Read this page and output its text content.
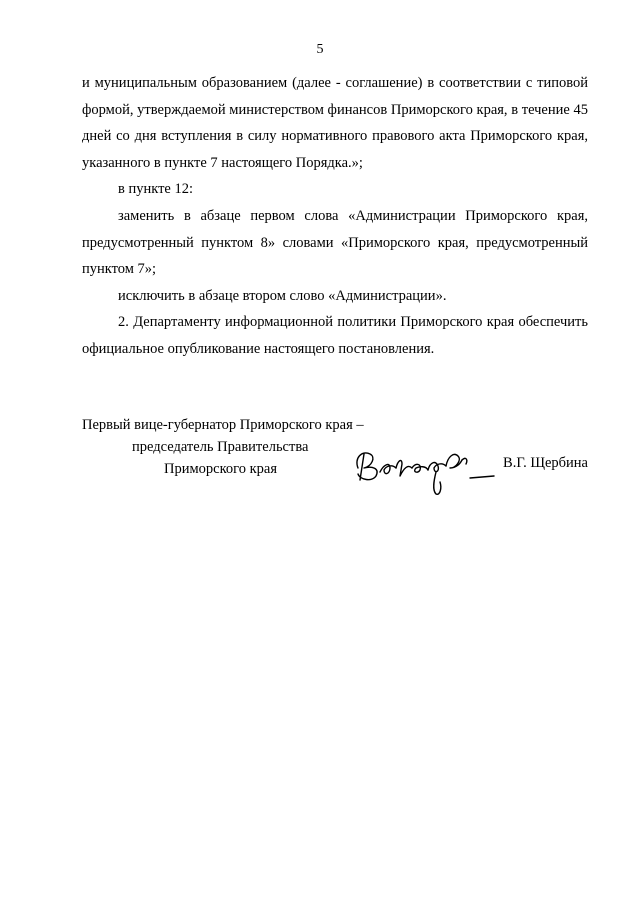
5

и муниципальным образованием (далее - соглашение) в соответствии с типовой формой, утверждаемой министерством финансов Приморского края, в течение 45 дней со дня вступления в силу нормативного правового акта Приморского края, указанного в пункте 7 настоящего Порядка.»;

в пункте 12:

заменить в абзаце первом слова «Администрации Приморского края, предусмотренный пунктом 8» словами «Приморского края, предусмотренный пунктом 7»;

исключить в абзаце втором слово «Администрации».

2. Департаменту информационной политики Приморского края обеспечить официальное опубликование настоящего постановления.

Первый вице-губернатор Приморского края –
председатель Правительства
Приморского края	В.Г. Щербина
